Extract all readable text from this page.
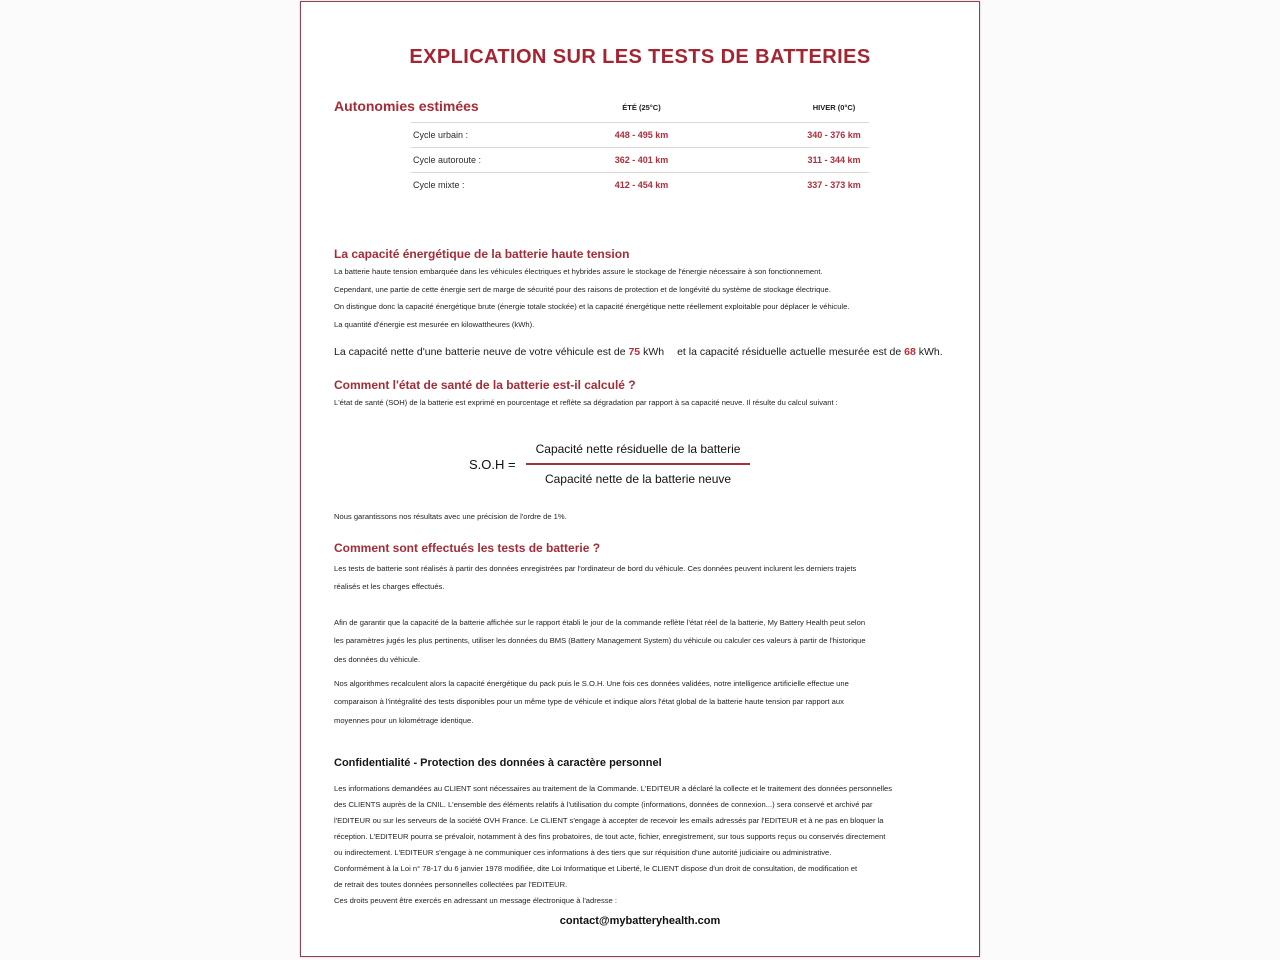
EXPLICATION SUR LES TESTS DE BATTERIES
Autonomies estimées	ÉTÉ (25°C)	HIVER (0°C)
Cycle urbain :	448 - 495 km	340 - 376 km
Cycle autoroute :	362 - 401 km	311 - 344 km
Cycle mixte :	412 - 454 km	337 - 373 km
La capacité énergétique de la batterie haute tension
La batterie haute tension embarquée dans les véhicules électriques et hybrides assure le stockage de l'énergie nécessaire à son fonctionnement.
Cependant, une partie de cette énergie sert de marge de sécurité pour des raisons de protection et de longévité du système de stockage électrique.
On distingue donc la capacité énergétique brute (énergie totale stockée) et la capacité énergétique nette réellement exploitable pour déplacer le véhicule.
La quantité d'énergie est mesurée en kilowattheures (kWh).
La capacité nette d'une batterie neuve de votre véhicule est de 75 kWh et la capacité résiduelle actuelle mesurée est de 68 kWh.
Comment l'état de santé de la batterie est-il calculé ?
L'état de santé (SOH) de la batterie est exprimé en pourcentage et reflète sa dégradation par rapport à sa capacité neuve. Il résulte du calcul suivant :
$S.O.H = \frac{\text{Capacité nette résiduelle de la batterie}}{\text{Capacité nette de la batterie neuve}}$
Nous garantissons nos résultats avec une précision de l'ordre de 1%.
Comment sont effectués les tests de batterie ?
Les tests de batterie sont réalisés à partir des données enregistrées par l'ordinateur de bord du véhicule. Ces données peuvent inclurent les derniers trajets
réalisés et les charges effectués.
Afin de garantir que la capacité de la batterie affichée sur le rapport établi le jour de la commande reflète l'état réel de la batterie, My Battery Health peut selon
les paramètres jugés les plus pertinents, utiliser les données du BMS (Battery Management System) du véhicule ou calculer ces valeurs à partir de l'historique
des données du véhicule.
Nos algorithmes recalculent alors la capacité énergétique du pack puis le S.O.H. Une fois ces données validées, notre intelligence artificielle effectue une
comparaison à l'intégralité des tests disponibles pour un même type de véhicule et indique alors l'état global de la batterie haute tension par rapport aux
moyennes pour un kilométrage identique.
Confidentialité - Protection des données à caractère personnel
Les informations demandées au CLIENT sont nécessaires au traitement de la Commande. L'EDITEUR a déclaré la collecte et le traitement des données personnelles
des CLIENTS auprès de la CNIL. L'ensemble des éléments relatifs à l'utilisation du compte (informations, données de connexion...) sera conservé et archivé par
l'EDITEUR ou sur les serveurs de la société OVH France. Le CLIENT s'engage à accepter de recevoir les emails adressés par l'EDITEUR et à ne pas en bloquer la
réception. L'EDITEUR pourra se prévaloir, notamment à des fins probatoires, de tout acte, fichier, enregistrement, sur tous supports reçus ou conservés directement
ou indirectement. L'EDITEUR s'engage à ne communiquer ces informations à des tiers que sur réquisition d'une autorité judiciaire ou administrative.
Conformément à la Loi n° 78-17 du 6 janvier 1978 modifiée, dite Loi Informatique et Liberté, le CLIENT dispose d'un droit de consultation, de modification et
de retrait des toutes données personnelles collectées par l'EDITEUR.
Ces droits peuvent être exercés en adressant un message électronique à l'adresse :
contact@mybatteryhealth.com
